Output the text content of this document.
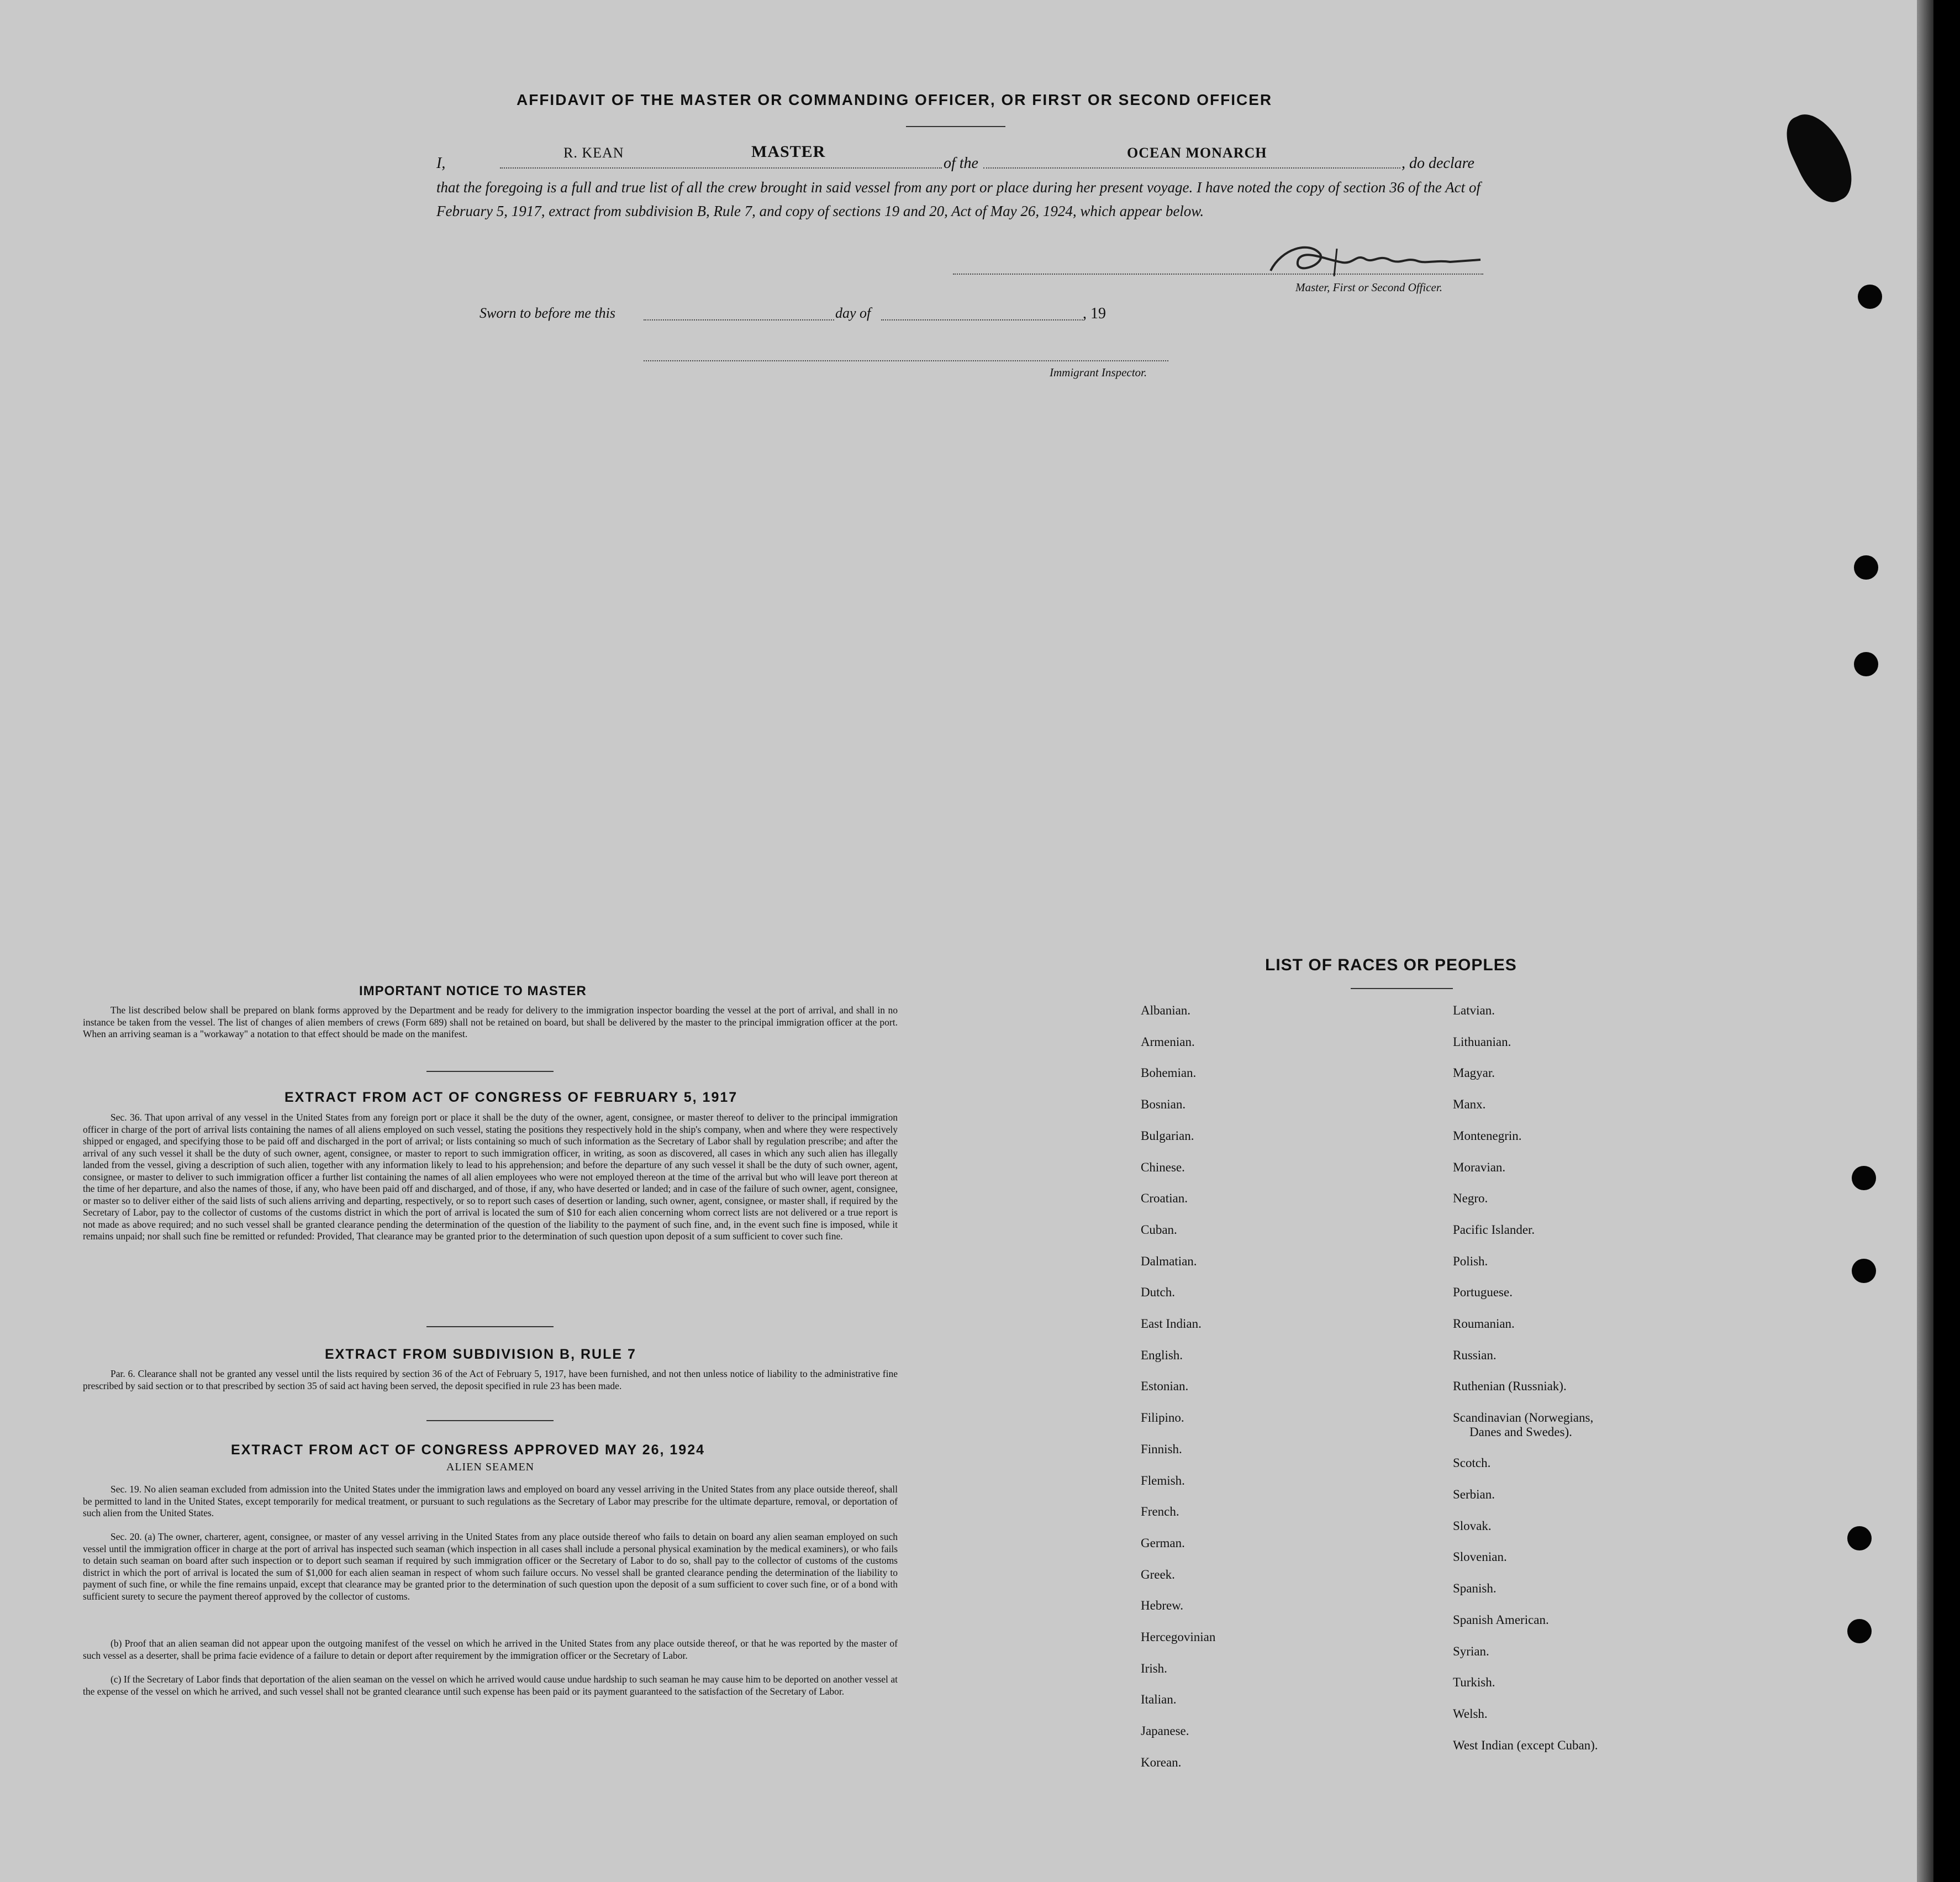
AFFIDAVIT OF THE MASTER OR COMMANDING OFFICER, OR FIRST OR SECOND OFFICER
I,
R. KEAN	MASTER
of the
OCEAN MONARCH
, do declare
that the foregoing is a full and true list of all the crew brought in said vessel from any port or place during her present voyage. I have noted the copy of section 36 of the Act of February 5, 1917, extract from subdivision B, Rule 7, and copy of sections 19 and 20, Act of May 26, 1924, which appear below.
Master, First or Second Officer.
Sworn to before me this	day of	, 19
Immigrant Inspector.
IMPORTANT NOTICE TO MASTER
The list described below shall be prepared on blank forms approved by the Department and be ready for delivery to the immigration inspector boarding the vessel at the port of arrival, and shall in no instance be taken from the vessel. The list of changes of alien members of crews (Form 689) shall not be retained on board, but shall be delivered by the master to the principal immigration officer at the port. When an arriving seaman is a "workaway" a notation to that effect should be made on the manifest.
EXTRACT FROM ACT OF CONGRESS OF FEBRUARY 5, 1917
Sec. 36. That upon arrival of any vessel in the United States from any foreign port or place it shall be the duty of the owner, agent, consignee, or master thereof to deliver to the principal immigration officer in charge of the port of arrival lists containing the names of all aliens employed on such vessel, stating the positions they respectively hold in the ship's company, when and where they were respectively shipped or engaged, and specifying those to be paid off and discharged in the port of arrival; or lists containing so much of such information as the Secretary of Labor shall by regulation prescribe; and after the arrival of any such vessel it shall be the duty of such owner, agent, consignee, or master to report to such immigration officer, in writing, as soon as discovered, all cases in which any such alien has illegally landed from the vessel, giving a description of such alien, together with any information likely to lead to his apprehension; and before the departure of any such vessel it shall be the duty of such owner, agent, consignee, or master to deliver to such immigration officer a further list containing the names of all alien employees who were not employed thereon at the time of the arrival but who will leave port thereon at the time of her departure, and also the names of those, if any, who have been paid off and discharged, and of those, if any, who have deserted or landed; and in case of the failure of such owner, agent, consignee, or master so to deliver either of the said lists of such aliens arriving and departing, respectively, or so to report such cases of desertion or landing, such owner, agent, consignee, or master shall, if required by the Secretary of Labor, pay to the collector of customs of the customs district in which the port of arrival is located the sum of $10 for each alien concerning whom correct lists are not delivered or a true report is not made as above required; and no such vessel shall be granted clearance pending the determination of the question of the liability to the payment of such fine, and, in the event such fine is imposed, while it remains unpaid; nor shall such fine be remitted or refunded: Provided, That clearance may be granted prior to the determination of such question upon deposit of a sum sufficient to cover such fine.
EXTRACT FROM SUBDIVISION B, RULE 7
Par. 6. Clearance shall not be granted any vessel until the lists required by section 36 of the Act of February 5, 1917, have been furnished, and not then unless notice of liability to the administrative fine prescribed by said section or to that prescribed by section 35 of said act having been served, the deposit specified in rule 23 has been made.
EXTRACT FROM ACT OF CONGRESS APPROVED MAY 26, 1924
ALIEN SEAMEN
Sec. 19. No alien seaman excluded from admission into the United States under the immigration laws and employed on board any vessel arriving in the United States from any place outside thereof, shall be permitted to land in the United States, except temporarily for medical treatment, or pursuant to such regulations as the Secretary of Labor may prescribe for the ultimate departure, removal, or deportation of such alien from the United States.
Sec. 20. (a) The owner, charterer, agent, consignee, or master of any vessel arriving in the United States from any place outside thereof who fails to detain on board any alien seaman employed on such vessel until the immigration officer in charge at the port of arrival has inspected such seaman (which inspection in all cases shall include a personal physical examination by the medical examiners), or who fails to detain such seaman on board after such inspection or to deport such seaman if required by such immigration officer or the Secretary of Labor to do so, shall pay to the collector of customs of the customs district in which the port of arrival is located the sum of $1,000 for each alien seaman in respect of whom such failure occurs. No vessel shall be granted clearance pending the determination of the liability to payment of such fine, or while the fine remains unpaid, except that clearance may be granted prior to the determination of such question upon the deposit of a sum sufficient to cover such fine, or of a bond with sufficient surety to secure the payment thereof approved by the collector of customs.
(b) Proof that an alien seaman did not appear upon the outgoing manifest of the vessel on which he arrived in the United States from any place outside thereof, or that he was reported by the master of such vessel as a deserter, shall be prima facie evidence of a failure to detain or deport after requirement by the immigration officer or the Secretary of Labor.
(c) If the Secretary of Labor finds that deportation of the alien seaman on the vessel on which he arrived would cause undue hardship to such seaman he may cause him to be deported on another vessel at the expense of the vessel on which he arrived, and such vessel shall not be granted clearance until such expense has been paid or its payment guaranteed to the satisfaction of the Secretary of Labor.
LIST OF RACES OR PEOPLES
Albanian.
Armenian.
Bohemian.
Bosnian.
Bulgarian.
Chinese.
Croatian.
Cuban.
Dalmatian.
Dutch.
East Indian.
English.
Estonian.
Filipino.
Finnish.
Flemish.
French.
German.
Greek.
Hebrew.
Hercegovinian
Irish.
Italian.
Japanese.
Korean.
Latvian.
Lithuanian.
Magyar.
Manx.
Montenegrin.
Moravian.
Negro.
Pacific Islander.
Polish.
Portuguese.
Roumanian.
Russian.
Ruthenian (Russniak).
Scandinavian (Norwegians,
Danes and Swedes).
Scotch.
Serbian.
Slovak.
Slovenian.
Spanish.
Spanish American.
Syrian.
Turkish.
Welsh.
West Indian (except Cuban).
